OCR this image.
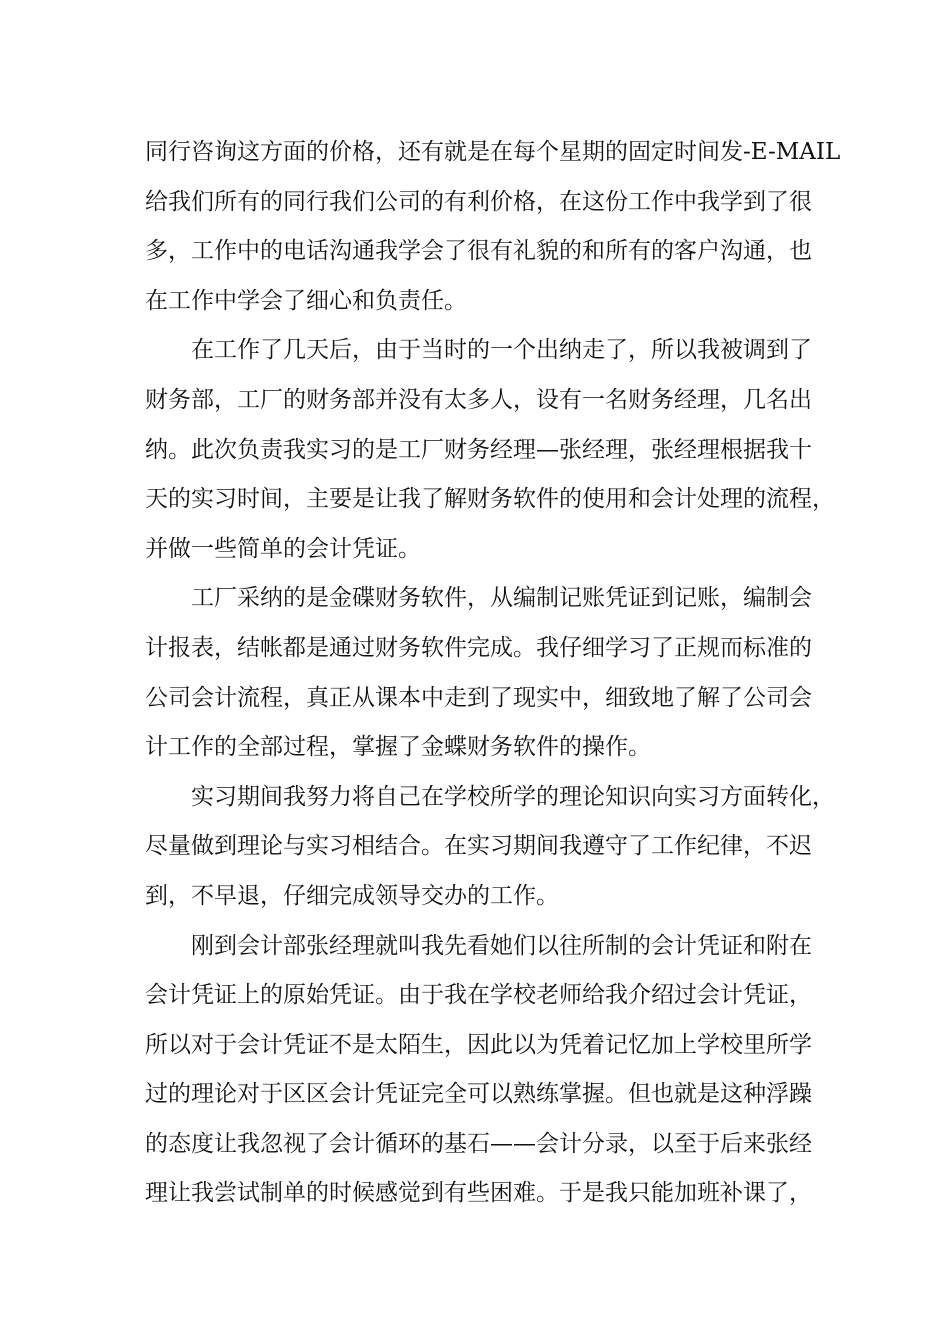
同行咨询这方面的价格，还有就是在每个星期的固定时间发-E-MAIL
给我们所有的同行我们公司的有利价格，在这份工作中我学到了很
多，工作中的电话沟通我学会了很有礼貌的和所有的客户沟通，也
在工作中学会了细心和负责任。
在工作了几天后，由于当时的一个出纳走了，所以我被调到了
财务部，工厂的财务部并没有太多人，设有一名财务经理，几名出
纳。此次负责我实习的是工厂财务经理—张经理，张经理根据我十
天的实习时间，主要是让我了解财务软件的使用和会计处理的流程，
并做一些简单的会计凭证。
工厂采纳的是金碟财务软件，从编制记账凭证到记账，编制会
计报表，结帐都是通过财务软件完成。我仔细学习了正规而标准的
公司会计流程，真正从课本中走到了现实中，细致地了解了公司会
计工作的全部过程，掌握了金蝶财务软件的操作。
实习期间我努力将自己在学校所学的理论知识向实习方面转化，
尽量做到理论与实习相结合。在实习期间我遵守了工作纪律，不迟
到，不早退，仔细完成领导交办的工作。
刚到会计部张经理就叫我先看她们以往所制的会计凭证和附在
会计凭证上的原始凭证。由于我在学校老师给我介绍过会计凭证，
所以对于会计凭证不是太陌生，因此以为凭着记忆加上学校里所学
过的理论对于区区会计凭证完全可以熟练掌握。但也就是这种浮躁
的态度让我忽视了会计循环的基石——会计分录，以至于后来张经
理让我尝试制单的时候感觉到有些困难。于是我只能加班补课了，
